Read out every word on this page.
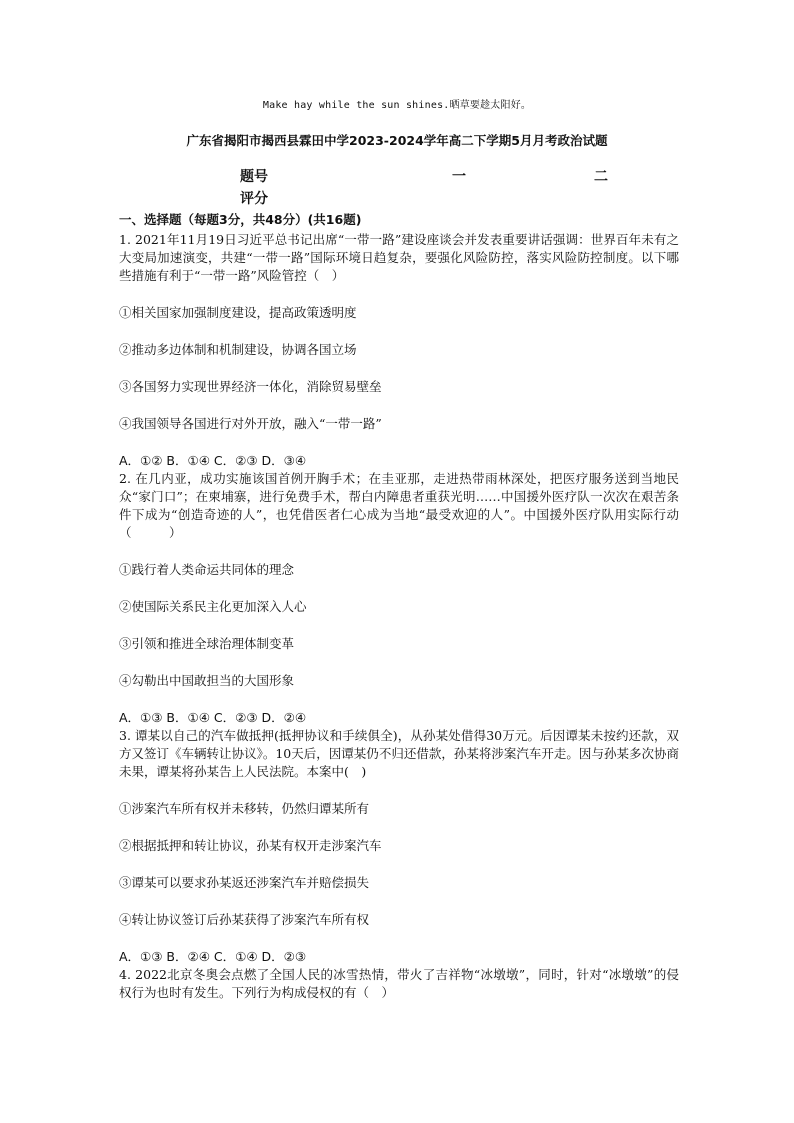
Make hay while the sun shines.晒草要趁太阳好。
广东省揭阳市揭西县霖田中学2023-2024学年高二下学期5月月考政治试题
题号	一	二
评分
一、选择题（每题3分，共48分）(共16题)
1. 2021年11月19日习近平总书记出席“一带一路”建设座谈会并发表重要讲话强调：世界百年未有之大变局加速演变，共建“一带一路”国际环境日趋复杂，要强化风险防控，落实风险防控制度。以下哪些措施有利于“一带一路”风险管控（　）
①相关国家加强制度建设，提高政策透明度
②推动多边体制和机制建设，协调各国立场
③各国努力实现世界经济一体化，消除贸易壁垒
④我国领导各国进行对外开放，融入“一带一路”
A．①② B．①④ C．②③ D．③④
2. 在几内亚，成功实施该国首例开胸手术；在圭亚那，走进热带雨林深处，把医疗服务送到当地民众“家门口”；在柬埔寨，进行免费手术，帮白内障患者重获光明……中国援外医疗队一次次在艰苦条件下成为“创造奇迹的人”，也凭借医者仁心成为当地“最受欢迎的人”。中国援外医疗队用实际行动（　　　）
①践行着人类命运共同体的理念
②使国际关系民主化更加深入人心
③引领和推进全球治理体制变革
④勾勒出中国敢担当的大国形象
A．①③ B．①④ C．②③ D．②④
3. 谭某以自己的汽车做抵押(抵押协议和手续俱全)，从孙某处借得30万元。后因谭某未按约还款，双方又签订《车辆转让协议》。10天后，因谭某仍不归还借款，孙某将涉案汽车开走。因与孙某多次协商未果，谭某将孙某告上人民法院。本案中(　)
①涉案汽车所有权并未移转，仍然归谭某所有
②根据抵押和转让协议，孙某有权开走涉案汽车
③谭某可以要求孙某返还涉案汽车并赔偿损失
④转让协议签订后孙某获得了涉案汽车所有权
A．①③ B．②④ C．①④ D．②③
4. 2022北京冬奥会点燃了全国人民的冰雪热情，带火了吉祥物“冰墩墩”，同时，针对“冰墩墩”的侵权行为也时有发生。下列行为构成侵权的有（　）
